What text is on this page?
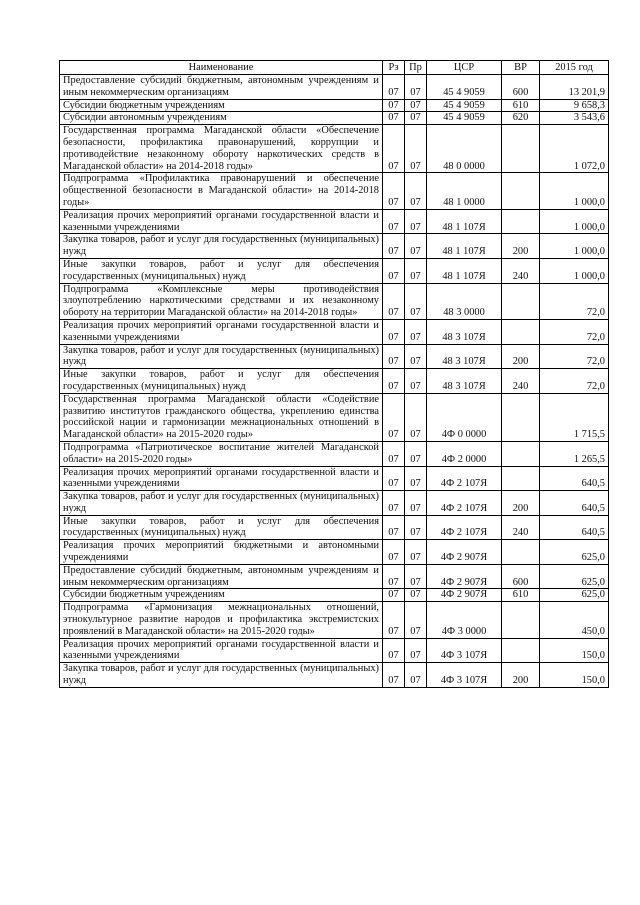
Наименование	Рз	Пр	ЦСР	ВР	2015 год
Предоставление субсидий бюджетным, автономным учреждениям и иным некоммерческим организациям	07	07	45 4 9059	600	13 201,9
Субсидии бюджетным учреждениям	07	07	45 4 9059	610	9 658,3
Субсидии автономным учреждениям	07	07	45 4 9059	620	3 543,6
Государственная программа Магаданской области «Обеспечение безопасности, профилактика правонарушений, коррупции и противодействие незаконному обороту наркотических средств в Магаданской области» на 2014-2018 годы»	07	07	48 0 0000		1 072,0
Подпрограмма «Профилактика правонарушений и обеспечение общественной безопасности в Магаданской области» на 2014-2018 годы»	07	07	48 1 0000		1 000,0
Реализация прочих мероприятий органами государственной власти и казенными учреждениями	07	07	48 1 107Я		1 000,0
Закупка товаров, работ и услуг для государственных (муниципальных) нужд	07	07	48 1 107Я	200	1 000,0
Иные закупки товаров, работ и услуг для обеспечения государственных (муниципальных) нужд	07	07	48 1 107Я	240	1 000,0
Подпрограмма «Комплексные меры противодействия злоупотреблению наркотическими средствами и их незаконному обороту на территории Магаданской области» на 2014-2018 годы»	07	07	48 3 0000		72,0
Реализация прочих мероприятий органами государственной власти и казенными учреждениями	07	07	48 3 107Я		72,0
Закупка товаров, работ и услуг для государственных (муниципальных) нужд	07	07	48 3 107Я	200	72,0
Иные закупки товаров, работ и услуг для обеспечения государственных (муниципальных) нужд	07	07	48 3 107Я	240	72,0
Государственная программа Магаданской области «Содействие развитию институтов гражданского общества, укреплению единства российской нации и гармонизации межнациональных отношений в Магаданской области» на 2015-2020 годы»	07	07	4Ф 0 0000		1 715,5
Подпрограмма «Патриотическое воспитание жителей Магаданской области» на 2015-2020 годы»	07	07	4Ф 2 0000		1 265,5
Реализация прочих мероприятий органами государственной власти и казенными учреждениями	07	07	4Ф 2 107Я		640,5
Закупка товаров, работ и услуг для государственных (муниципальных) нужд	07	07	4Ф 2 107Я	200	640,5
Иные закупки товаров, работ и услуг для обеспечения государственных (муниципальных) нужд	07	07	4Ф 2 107Я	240	640,5
Реализация прочих мероприятий бюджетными и автономными учреждениями	07	07	4Ф 2 907Я		625,0
Предоставление субсидий бюджетным, автономным учреждениям и иным некоммерческим организациям	07	07	4Ф 2 907Я	600	625,0
Субсидии бюджетным учреждениям	07	07	4Ф 2 907Я	610	625,0
Подпрограмма «Гармонизация межнациональных отношений, этнокультурное развитие народов и профилактика экстремистских проявлений в Магаданской области» на 2015-2020 годы»	07	07	4Ф 3 0000		450,0
Реализация прочих мероприятий органами государственной власти и казенными учреждениями	07	07	4Ф 3 107Я		150,0
Закупка товаров, работ и услуг для государственных (муниципальных) нужд	07	07	4Ф 3 107Я	200	150,0
